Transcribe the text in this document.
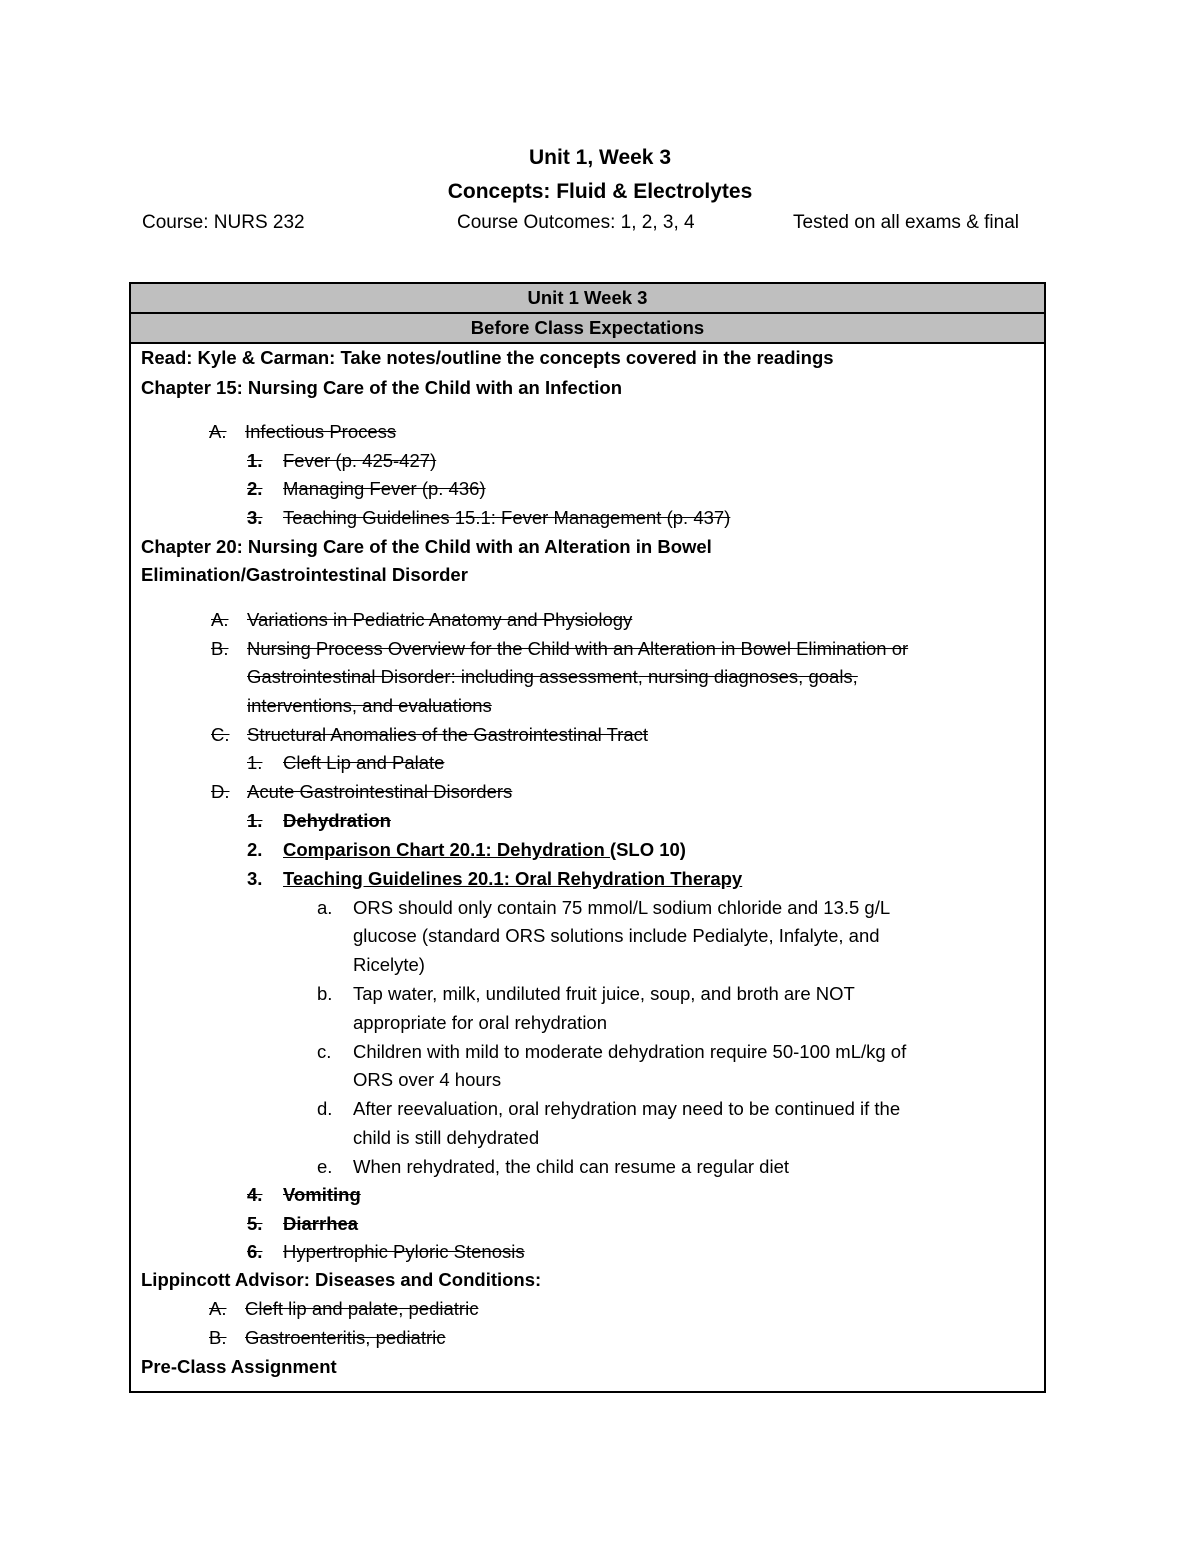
Unit 1, Week 3
Concepts: Fluid & Electrolytes
Course: NURS 232	Course Outcomes: 1, 2, 3, 4	Tested on all exams & final
Unit 1 Week 3
Before Class Expectations
Read: Kyle & Carman: Take notes/outline the concepts covered in the readings
Chapter 15: Nursing Care of the Child with an Infection
A. Infectious Process
1. Fever (p. 425-427)
2. Managing Fever (p. 436)
3. Teaching Guidelines 15.1: Fever Management (p. 437)
Chapter 20: Nursing Care of the Child with an Alteration in Bowel
Elimination/Gastrointestinal Disorder
A. Variations in Pediatric Anatomy and Physiology
B. Nursing Process Overview for the Child with an Alteration in Bowel Elimination or
Gastrointestinal Disorder: including assessment, nursing diagnoses, goals,
interventions, and evaluations
C. Structural Anomalies of the Gastrointestinal Tract
1. Cleft Lip and Palate
D. Acute Gastrointestinal Disorders
1. Dehydration
2. Comparison Chart 20.1: Dehydration (SLO 10)
3. Teaching Guidelines 20.1: Oral Rehydration Therapy
a. ORS should only contain 75 mmol/L sodium chloride and 13.5 g/L
glucose (standard ORS solutions include Pedialyte, Infalyte, and
Ricelyte)
b. Tap water, milk, undiluted fruit juice, soup, and broth are NOT
appropriate for oral rehydration
c. Children with mild to moderate dehydration require 50-100 mL/kg of
ORS over 4 hours
d. After reevaluation, oral rehydration may need to be continued if the
child is still dehydrated
e. When rehydrated, the child can resume a regular diet
4. Vomiting
5. Diarrhea
6. Hypertrophic Pyloric Stenosis
Lippincott Advisor: Diseases and Conditions:
A. Cleft lip and palate, pediatric
B. Gastroenteritis, pediatric
Pre-Class Assignment
